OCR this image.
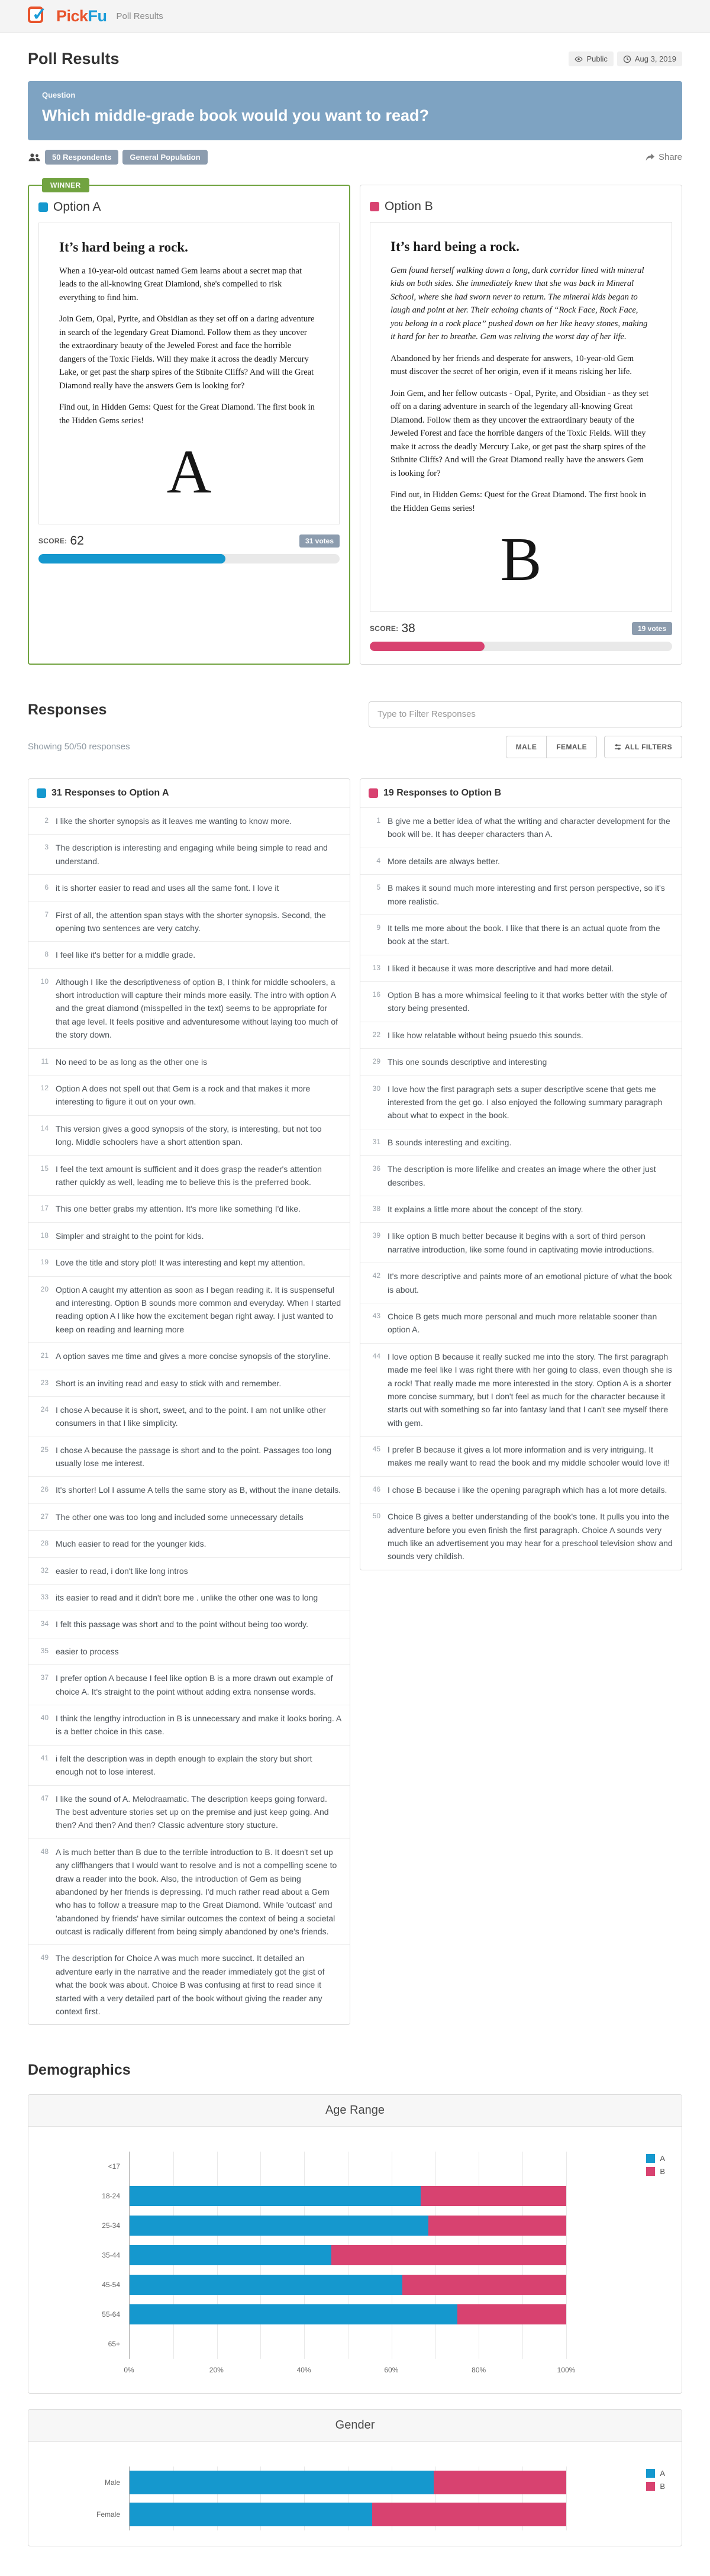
✓ PickFu Poll Results
Poll Results	Public	Aug 3, 2019
Question
Which middle-grade book would you want to read?
50 Respondents	General Population	Share
WINNER
Option A
It’s hard being a rock.

When a 10-year-old outcast named Gem learns about a secret map that leads to the all-knowing Great Diamiond, she's compelled to risk everything to find him.

Join Gem, Opal, Pyrite, and Obsidian as they set off on a daring adventure in search of the legendary Great Diamond. Follow them as they uncover the extraordinary beauty of the Jeweled Forest and face the horrible dangers of the Toxic Fields. Will they make it across the deadly Mercury Lake, or get past the sharp spires of the Stibnite Cliffs? And will the Great Diamond really have the answers Gem is looking for?

Find out, in Hidden Gems: Quest for the Great Diamond. The first book in the Hidden Gems series!

A
SCORE: 62	31 votes
Option B
It’s hard being a rock.

Gem found herself walking down a long, dark corridor lined with mineral kids on both sides. She immediately knew that she was back in Mineral School, where she had sworn never to return. The mineral kids began to laugh and point at her. Their echoing chants of “Rock Face, Rock Face, you belong in a rock place” pushed down on her like heavy stones, making it hard for her to breathe. Gem was reliving the worst day of her life.

Abandoned by her friends and desperate for answers, 10-year-old Gem must discover the secret of her origin, even if it means risking her life.

Join Gem, and her fellow outcasts - Opal, Pyrite, and Obsidian - as they set off on a daring adventure in search of the legendary all-knowing Great Diamond. Follow them as they uncover the extraordinary beauty of the Jeweled Forest and face the horrible dangers of the Toxic Fields. Will they make it across the deadly Mercury Lake, or get past the sharp spires of the Stibnite Cliffs? And will the Great Diamond really have the answers Gem is looking for?

Find out, in Hidden Gems: Quest for the Great Diamond. The first book in the Hidden Gems series!

B
SCORE: 38	19 votes
Responses
Type to Filter Responses
Showing 50/50 responses	MALE	FEMALE	ALL FILTERS
31 Responses to Option A
2 I like the shorter synopsis as it leaves me wanting to know more.
3 The description is interesting and engaging while being simple to read and understand.
6 it is shorter easier to read and uses all the same font. I love it
7 First of all, the attention span stays with the shorter synopsis. Second, the opening two sentences are very catchy.
8 I feel like it's better for a middle grade.
10 Although I like the descriptiveness of option B, I think for middle schoolers, a short introduction will capture their minds more easily. The intro with option A and the great diamond (misspelled in the text) seems to be appropriate for that age level. It feels positive and adventuresome without laying too much of the story down.
11 No need to be as long as the other one is
12 Option A does not spell out that Gem is a rock and that makes it more interesting to figure it out on your own.
14 This version gives a good synopsis of the story, is interesting, but not too long. Middle schoolers have a short attention span.
15 I feel the text amount is sufficient and it does grasp the reader's attention rather quickly as well, leading me to believe this is the preferred book.
17 This one better grabs my attention. It's more like something I'd like.
18 Simpler and straight to the point for kids.
19 Love the title and story plot! It was interesting and kept my attention.
20 Option A caught my attention as soon as I began reading it. It is suspenseful and interesting. Option B sounds more common and everyday. When I started reading option A I like how the excitement began right away. I just wanted to keep on reading and learning more
21 A option saves me time and gives a more concise synopsis of the storyline.
23 Short is an inviting read and easy to stick with and remember.
24 I chose A because it is short, sweet, and to the point. I am not unlike other consumers in that I like simplicity.
25 I chose A because the passage is short and to the point. Passages too long usually lose me interest.
26 It's shorter! Lol I assume A tells the same story as B, without the inane details.
27 The other one was too long and included some unnecessary details
28 Much easier to read for the younger kids.
32 easier to read, i don't like long intros
33 its easier to read and it didn't bore me . unlike the other one was to long
34 I felt this passage was short and to the point without being too wordy.
35 easier to process
37 I prefer option A because I feel like option B is a more drawn out example of choice A. It's straight to the point without adding extra nonsense words.
40 I think the lengthy introduction in B is unnecessary and make it looks boring. A is a better choice in this case.
41 i felt the description was in depth enough to explain the story but short enough not to lose interest.
47 I like the sound of A. Melodraamatic. The description keeps going forward. The best adventure stories set up on the premise and just keep going. And then? And then? And then? Classic adventure story stucture.
48 A is much better than B due to the terrible introduction to B. It doesn't set up any cliffhangers that I would want to resolve and is not a compelling scene to draw a reader into the book. Also, the introduction of Gem as being abandoned by her friends is depressing. I'd much rather read about a Gem who has to follow a treasure map to the Great Diamond. While 'outcast' and 'abandoned by friends' have similar outcomes the context of being a societal outcast is radically different from being simply abandoned by one's friends.
49 The description for Choice A was much more succinct. It detailed an adventure early in the narrative and the reader immediately got the gist of what the book was about. Choice B was confusing at first to read since it started with a very detailed part of the book without giving the reader any context first.
19 Responses to Option B
1 B give me a better idea of what the writing and character development for the book will be. It has deeper characters than A.
4 More details are always better.
5 B makes it sound much more interesting and first person perspective, so it's more realistic.
9 It tells me more about the book. I like that there is an actual quote from the book at the start.
13 I liked it because it was more descriptive and had more detail.
16 Option B has a more whimsical feeling to it that works better with the style of story being presented.
22 I like how relatable without being psuedo this sounds.
29 This one sounds descriptive and interesting
30 I love how the first paragraph sets a super descriptive scene that gets me interested from the get go. I also enjoyed the following summary paragraph about what to expect in the book.
31 B sounds interesting and exciting.
36 The description is more lifelike and creates an image where the other just describes.
38 It explains a little more about the concept of the story.
39 I like option B much better because it begins with a sort of third person narrative introduction, like some found in captivating movie introductions.
42 It's more descriptive and paints more of an emotional picture of what the book is about.
43 Choice B gets much more personal and much more relatable sooner than option A.
44 I love option B because it really sucked me into the story. The first paragraph made me feel like I was right there with her going to class, even though she is a rock! That really made me more interested in the story. Option A is a shorter more concise summary, but I don't feel as much for the character because it starts out with something so far into fantasy land that I can't see myself there with gem.
45 I prefer B because it gives a lot more information and is very intriguing. It makes me really want to read the book and my middle schooler would love it!
46 I chose B because i like the opening paragraph which has a lot more details.
50 Choice B gives a better understanding of the book's tone. It pulls you into the adventure before you even finish the first paragraph. Choice A sounds very much like an advertisement you may hear for a preschool television show and sounds very childish.
Demographics
Age Range
A
B
<17
18-24
25-34
35-44
45-54
55-64
65+
0%	20%	40%	60%	80%	100%
Gender
A
B
Male
Female
